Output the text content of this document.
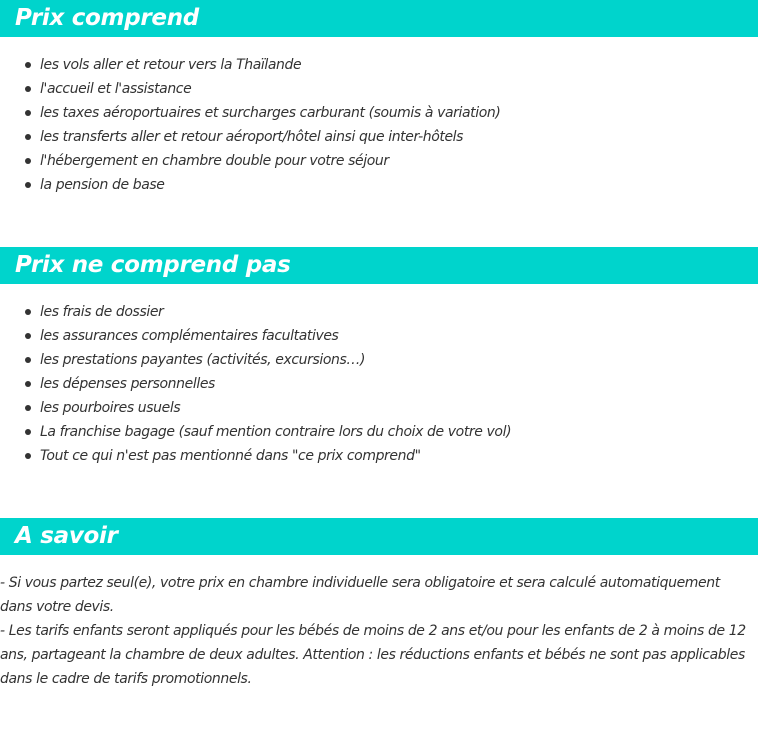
Prix comprend
les vols aller et retour vers la Thaïlande
l'accueil et l'assistance
les taxes aéroportuaires et surcharges carburant (soumis à variation)
les transferts aller et retour aéroport/hôtel ainsi que inter-hôtels
l'hébergement en chambre double pour votre séjour
la pension de base
Prix ne comprend pas
les frais de dossier
les assurances complémentaires facultatives
les prestations payantes (activités, excursions…)
les dépenses personnelles
les pourboires usuels
La franchise bagage (sauf mention contraire lors du choix de votre vol)
Tout ce qui n'est pas mentionné dans "ce prix comprend"
A savoir
- Si vous partez seul(e), votre prix en chambre individuelle sera obligatoire et sera calculé automatiquement dans votre devis.
- Les tarifs enfants seront appliqués pour les bébés de moins de 2 ans et/ou pour les enfants de 2 à moins de 12 ans, partageant la chambre de deux adultes. Attention : les réductions enfants et bébés ne sont pas applicables dans le cadre de tarifs promotionnels.
